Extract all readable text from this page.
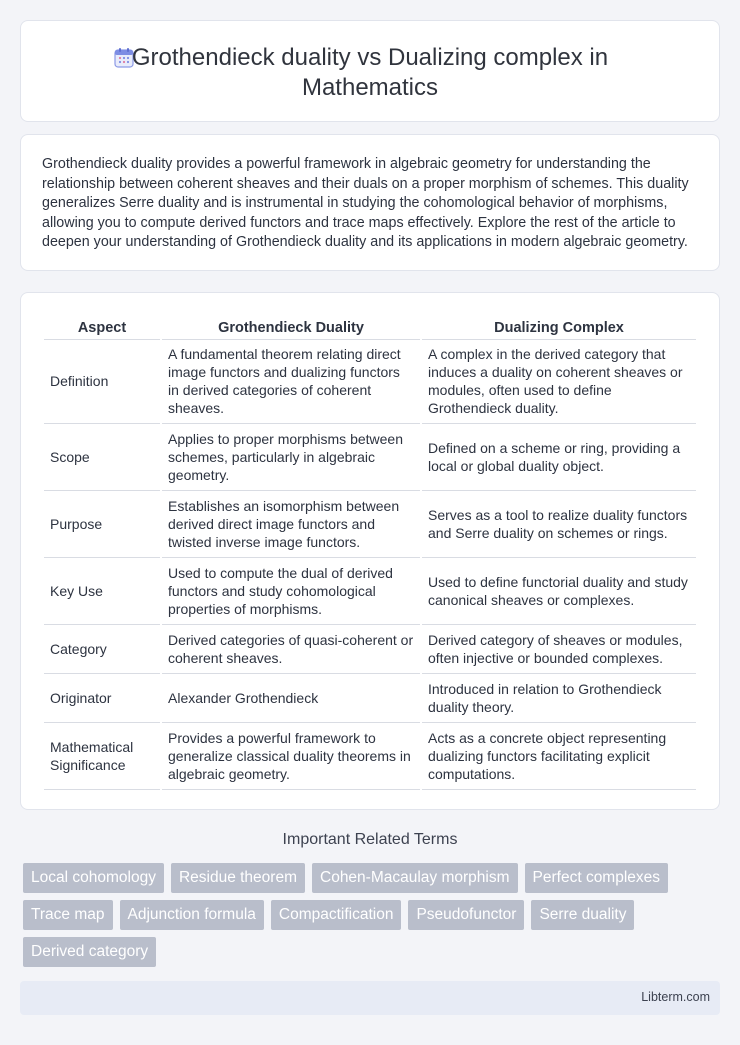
Grothendieck duality vs Dualizing complex in Mathematics

Grothendieck duality provides a powerful framework in algebraic geometry for understanding the relationship between coherent sheaves and their duals on a proper morphism of schemes. This duality generalizes Serre duality and is instrumental in studying the cohomological behavior of morphisms, allowing you to compute derived functors and trace maps effectively. Explore the rest of the article to deepen your understanding of Grothendieck duality and its applications in modern algebraic geometry.

Aspect	Grothendieck Duality	Dualizing Complex
Definition	A fundamental theorem relating direct image functors and dualizing functors in derived categories of coherent sheaves.	A complex in the derived category that induces a duality on coherent sheaves or modules, often used to define Grothendieck duality.
Scope	Applies to proper morphisms between schemes, particularly in algebraic geometry.	Defined on a scheme or ring, providing a local or global duality object.
Purpose	Establishes an isomorphism between derived direct image functors and twisted inverse image functors.	Serves as a tool to realize duality functors and Serre duality on schemes or rings.
Key Use	Used to compute the dual of derived functors and study cohomological properties of morphisms.	Used to define functorial duality and study canonical sheaves or complexes.
Category	Derived categories of quasi-coherent or coherent sheaves.	Derived category of sheaves or modules, often injective or bounded complexes.
Originator	Alexander Grothendieck	Introduced in relation to Grothendieck duality theory.
Mathematical Significance	Provides a powerful framework to generalize classical duality theorems in algebraic geometry.	Acts as a concrete object representing dualizing functors facilitating explicit computations.
Important Related Terms
Local cohomology	Residue theorem	Cohen-Macaulay morphism	Perfect complexes
Trace map	Adjunction formula	Compactification	Pseudofunctor	Serre duality
Derived category
Libterm.com
